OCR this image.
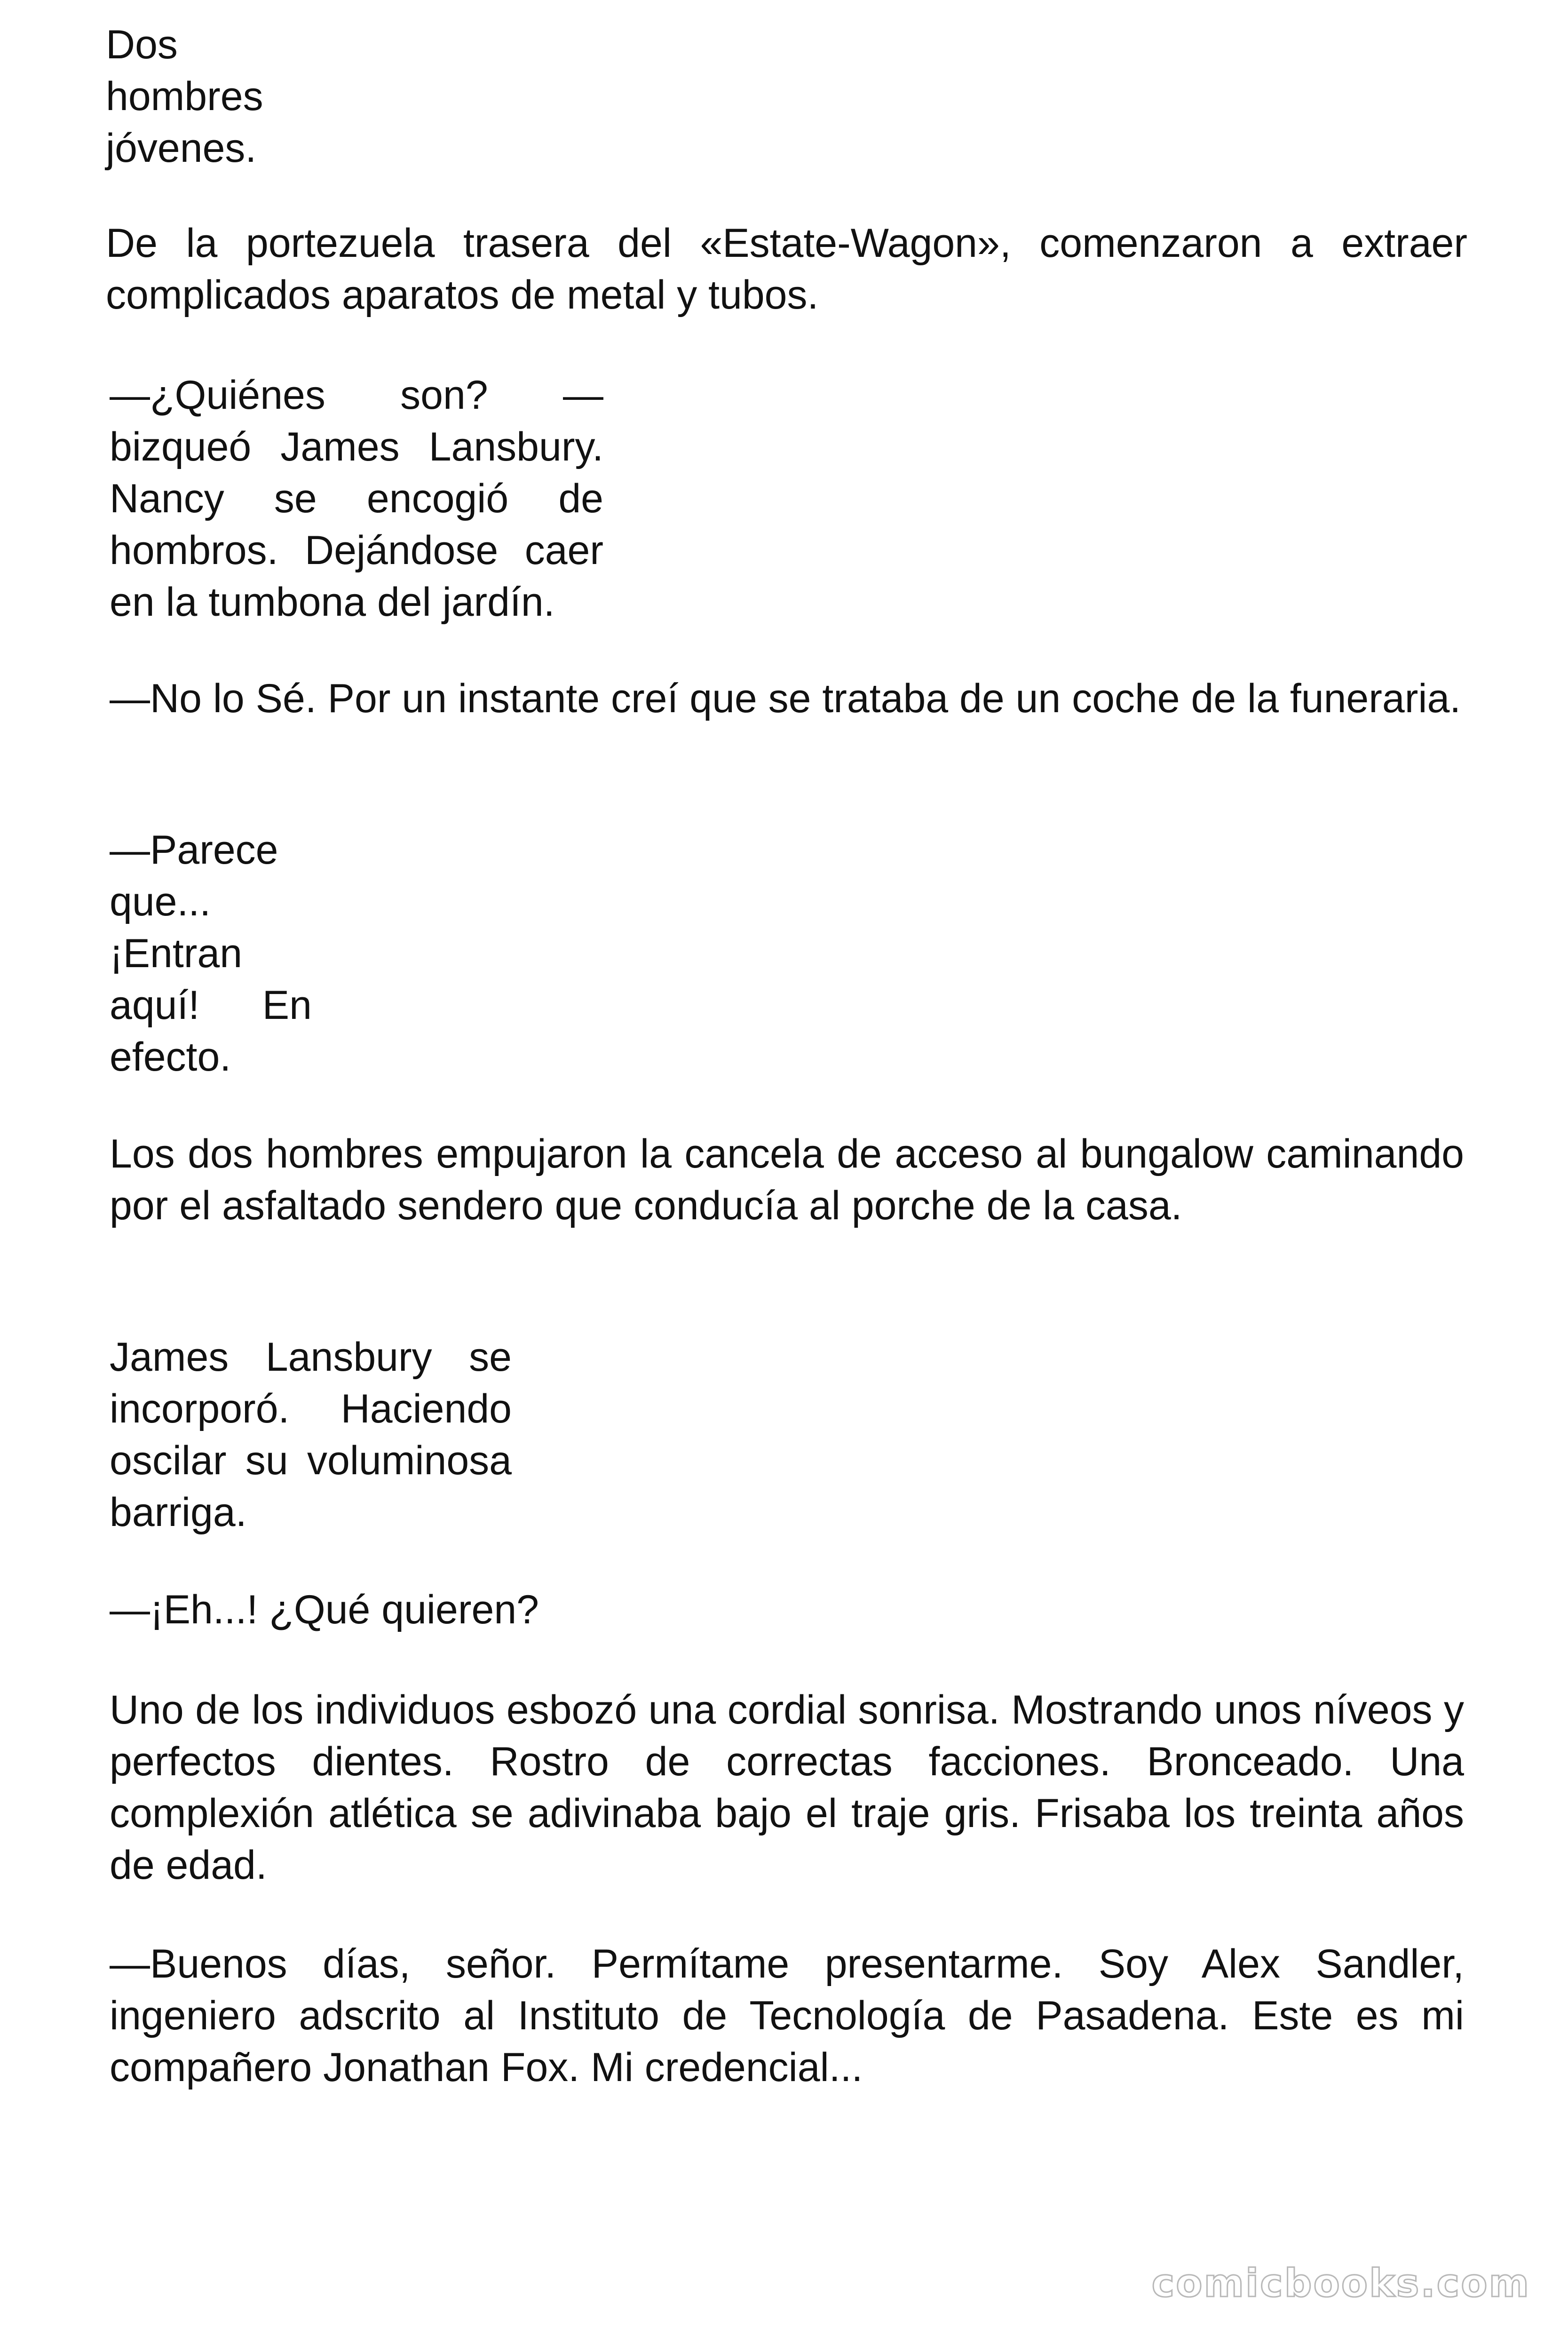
Dos hombres jóvenes.

De la portezuela trasera del «Estate-Wagon», comenzaron a extraer complicados aparatos de metal y tubos.

—¿Quiénes son? —bizqueó James Lansbury. Nancy se encogió de hombros. Dejándose caer en la tumbona del jardín.

—No lo Sé. Por un instante creí que se trataba de un coche de la funeraria.

—Parece que... ¡Entran aquí! En efecto.

Los dos hombres empujaron la cancela de acceso al bungalow caminando por el asfaltado sendero que conducía al porche de la casa.

James Lansbury se incorporó. Haciendo oscilar su voluminosa barriga.

—¡Eh...! ¿Qué quieren?

Uno de los individuos esbozó una cordial sonrisa. Mostrando unos níveos y perfectos dientes. Rostro de correctas facciones. Bronceado. Una complexión atlética se adivinaba bajo el traje gris. Frisaba los treinta años de edad.

—Buenos días, señor. Permítame presentarme. Soy Alex Sandler, ingeniero adscrito al Instituto de Tecnología de Pasadena. Este es mi compañero Jonathan Fox. Mi credencial...

comicbooks.com
